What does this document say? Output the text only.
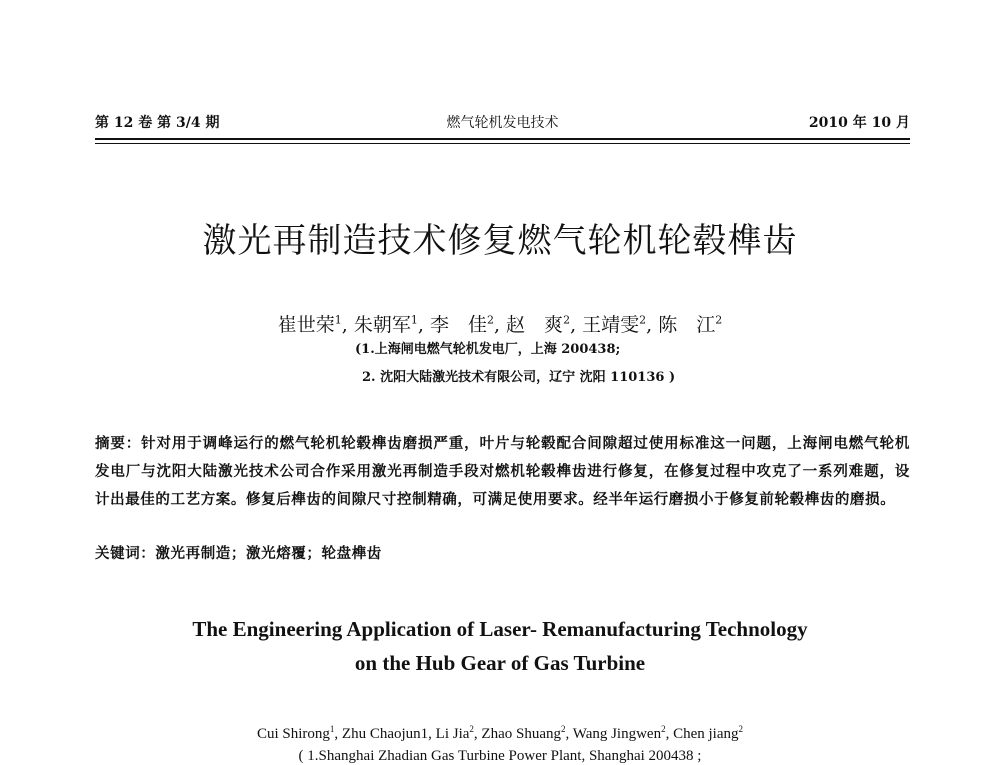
第 12 卷 第 3/4 期	燃气轮机发电技术	2010 年 10 月
激光再制造技术修复燃气轮机轮毂榫齿
崔世荣$^1$, 朱朝军$^1$, 李　佳$^2$, 赵　爽$^2$, 王靖雯$^2$, 陈　江$^2$
(1.上海闸电燃气轮机发电厂，上海 200438;
2. 沈阳大陆激光技术有限公司，辽宁 沈阳 110136 )
摘要：针对用于调峰运行的燃气轮机轮毂榫齿磨损严重，叶片与轮毂配合间隙超过使用标准这一问题，上海闸电燃气轮机发电厂与沈阳大陆激光技术公司合作采用激光再制造手段对燃机轮毂榫齿进行修复，在修复过程中攻克了一系列难题，设计出最佳的工艺方案。修复后榫齿的间隙尺寸控制精确，可满足使用要求。经半年运行磨损小于修复前轮毂榫齿的磨损。
关键词：激光再制造；激光熔覆；轮盘榫齿
The Engineering Application of Laser- Remanufacturing Technology
on the Hub Gear of Gas Turbine
Cui Shirong$^1$, Zhu Chaojun1, Li Jia$^2$, Zhao Shuang$^2$, Wang Jingwen$^2$, Chen jiang$^2$
( 1.Shanghai Zhadian Gas Turbine Power Plant, Shanghai 200438 ;
